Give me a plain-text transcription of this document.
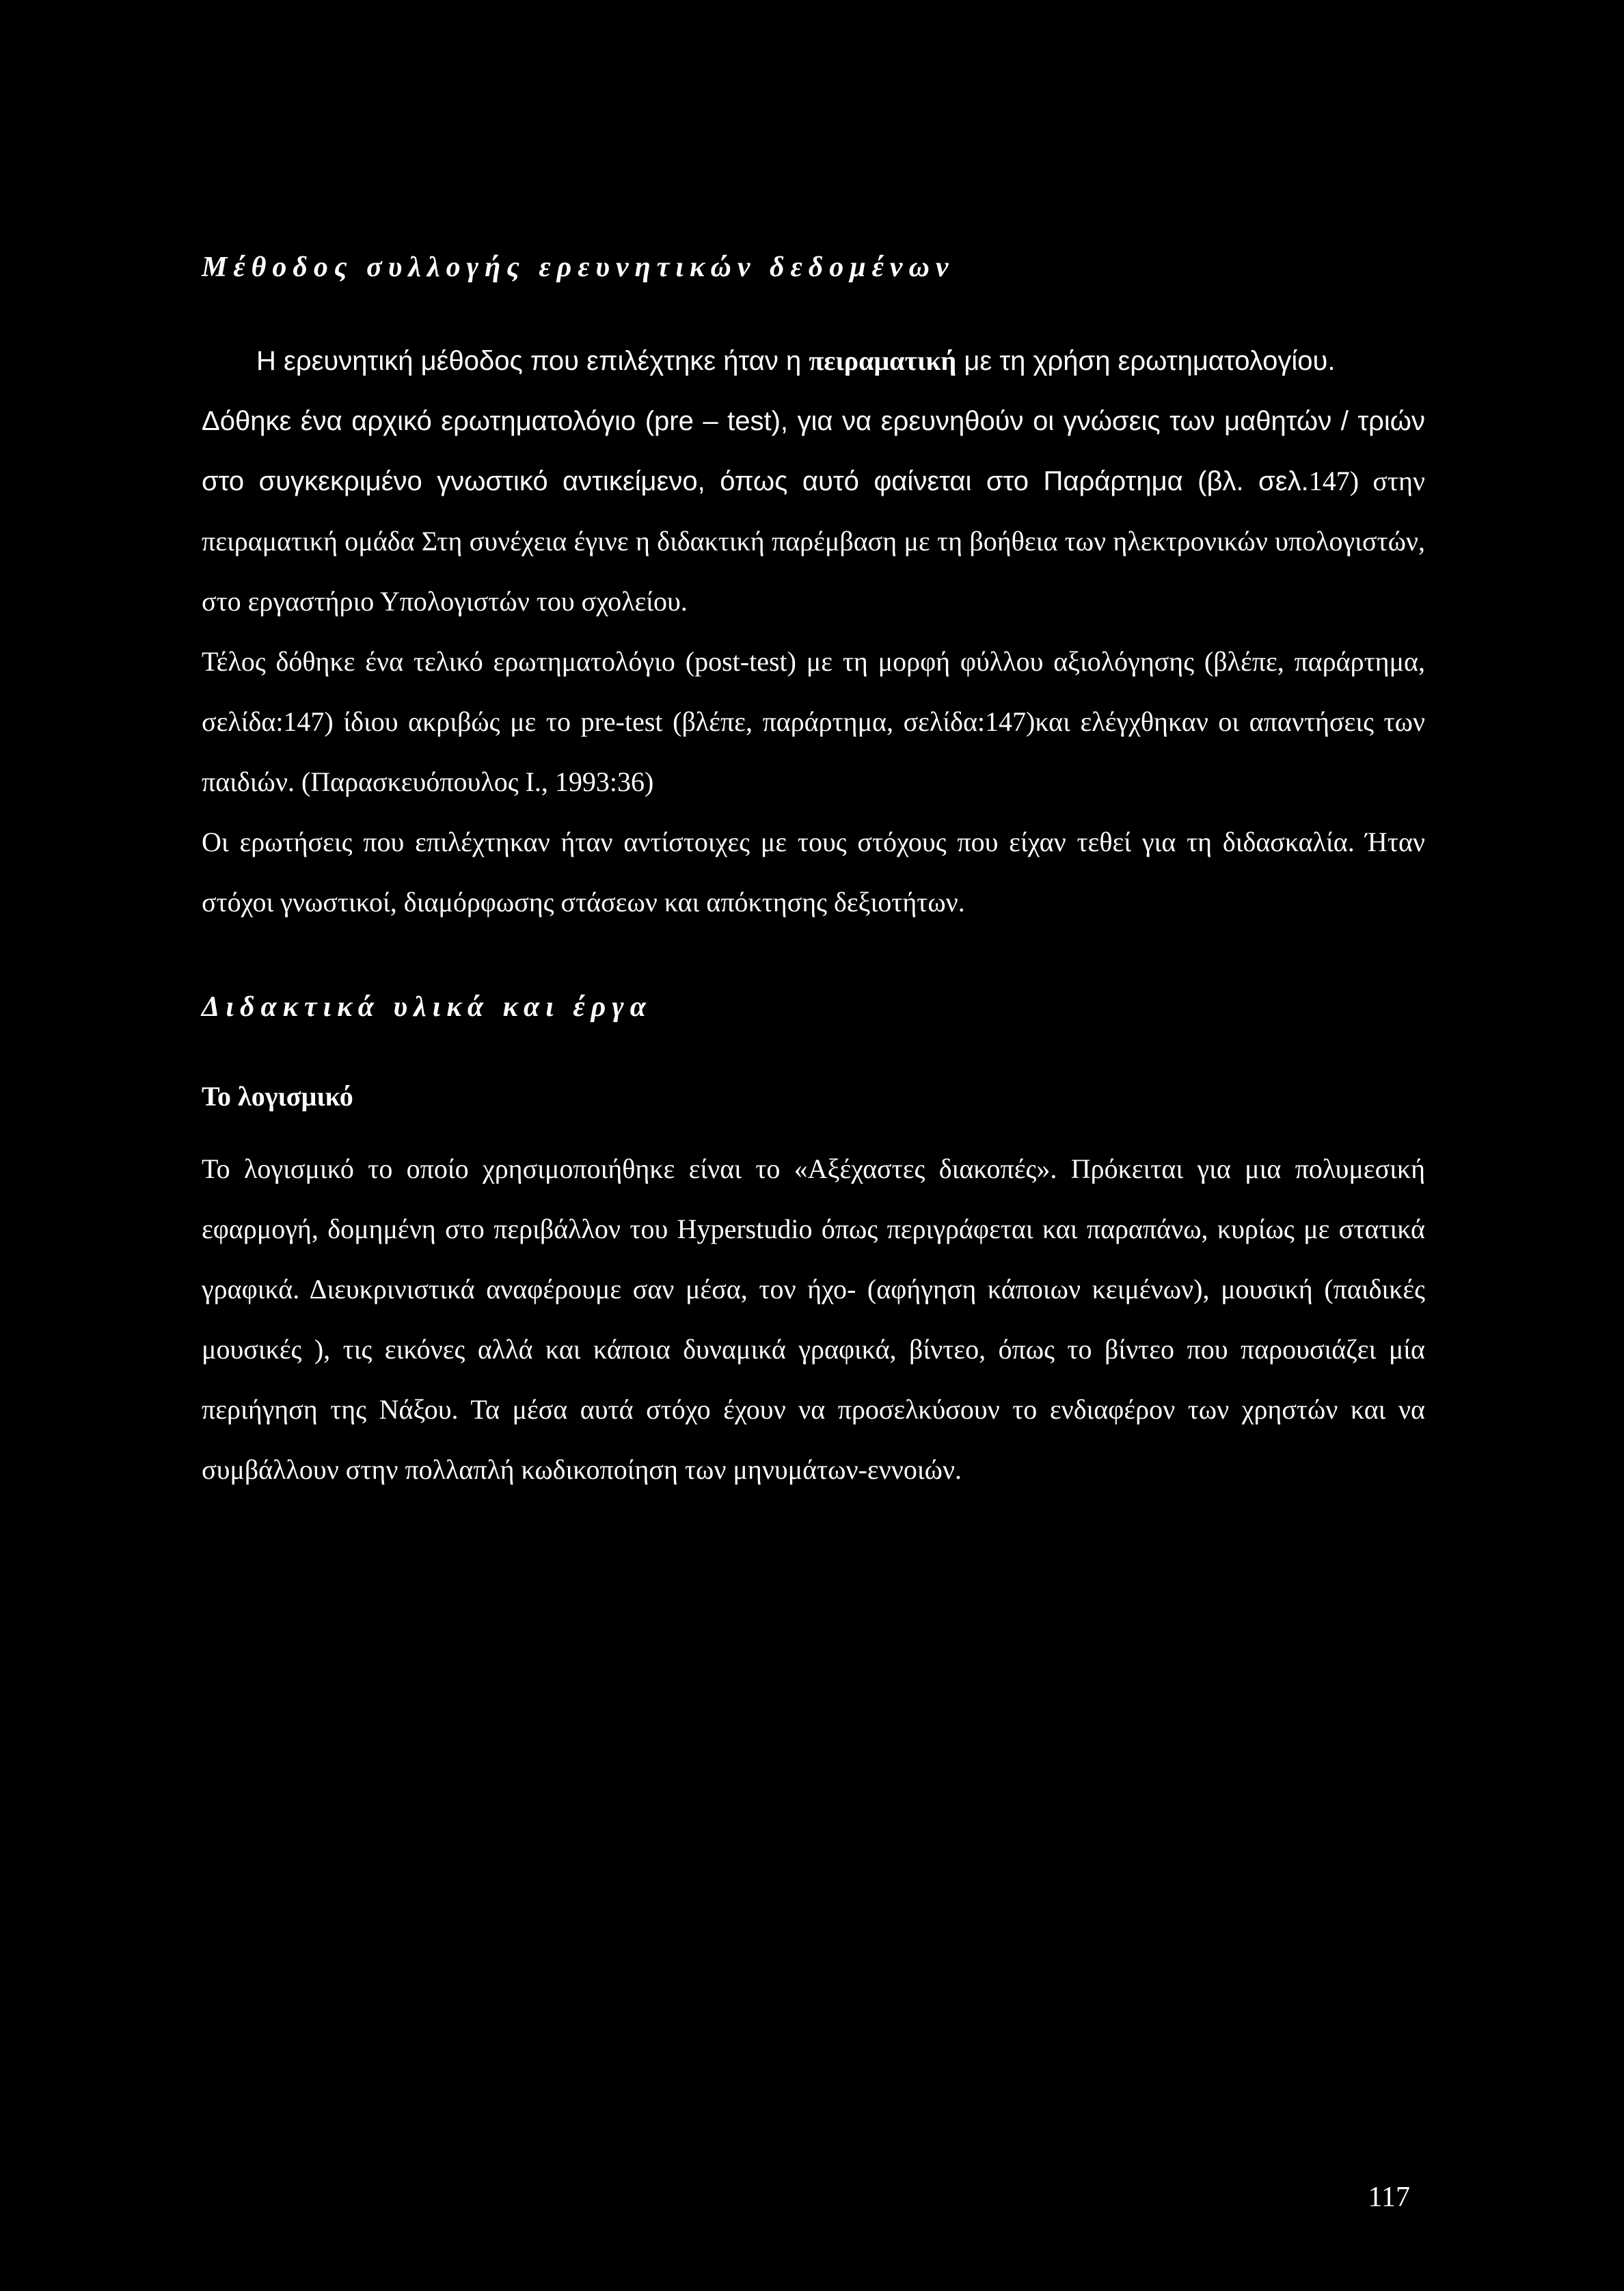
Μέθοδος συλλογής ερευνητικών δεδομένων

Η ερευνητική μέθοδος που επιλέχτηκε ήταν η πειραματική με τη χρήση ερωτηματολογίου.

Δόθηκε ένα αρχικό ερωτηματολόγιο (pre – test), για να ερευνηθούν οι γνώσεις των μαθητών / τριών στο συγκεκριμένο γνωστικό αντικείμενο, όπως αυτό φαίνεται στο Παράρτημα (βλ. σελ.147) στην πειραματική ομάδα Στη συνέχεια έγινε η διδακτική παρέμβαση με τη βοήθεια των ηλεκτρονικών υπολογιστών, στο εργαστήριο Υπολογιστών του σχολείου.

Τέλος δόθηκε ένα τελικό ερωτηματολόγιο (post-test) με τη μορφή φύλλου αξιολόγησης (βλέπε, παράρτημα, σελίδα:147) ίδιου ακριβώς με το pre-test (βλέπε, παράρτημα, σελίδα:147)και ελέγχθηκαν οι απαντήσεις των παιδιών. (Παρασκευόπουλος Ι., 1993:36)

Οι ερωτήσεις που επιλέχτηκαν ήταν αντίστοιχες με τους στόχους που είχαν τεθεί για τη διδασκαλία. Ήταν στόχοι γνωστικοί, διαμόρφωσης στάσεων και απόκτησης δεξιοτήτων.

Διδακτικά υλικά και έργα
Το λογισμικό

Το λογισμικό το οποίο χρησιμοποιήθηκε είναι το «Αξέχαστες διακοπές». Πρόκειται για μια πολυμεσική εφαρμογή, δομημένη στο περιβάλλον του Hyperstudio όπως περιγράφεται και παραπάνω, κυρίως με στατικά γραφικά. Διευκρινιστικά αναφέρουμε σαν μέσα, τον ήχο- (αφήγηση κάποιων κειμένων), μουσική (παιδικές μουσικές ), τις εικόνες αλλά και κάποια δυναμικά γραφικά, βίντεο, όπως το βίντεο που παρουσιάζει μία περιήγηση της Νάξου. Τα μέσα αυτά στόχο έχουν να προσελκύσουν το ενδιαφέρον των χρηστών και να συμβάλλουν στην πολλαπλή κωδικοποίηση των μηνυμάτων-εννοιών.

117
